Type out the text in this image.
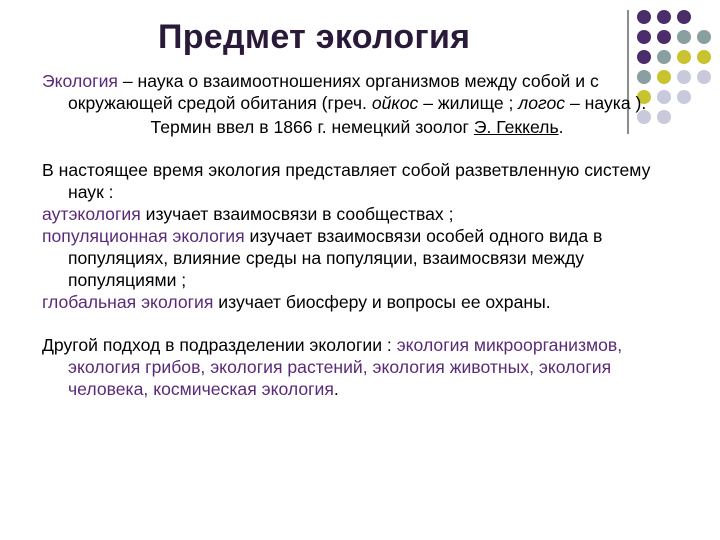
Предмет экология

Экология – наука о взаимоотношениях организмов между собой и с окружающей средой обитания (греч. ойкос – жилище ; логос – наука ).

Термин ввел в 1866 г. немецкий зоолог Э. Геккель.

В настоящее время экология представляет собой разветвленную систему наук :

аутэкология изучает взаимосвязи в сообществах ;

популяционная экология изучает взаимосвязи особей одного вида в популяциях, влияние среды на популяции, взаимосвязи между популяциями ;

глобальная экология изучает биосферу и вопросы ее охраны.

Другой подход в подразделении экологии : экология микроорганизмов, экология грибов, экология растений, экология животных, экология человека, космическая экология.
